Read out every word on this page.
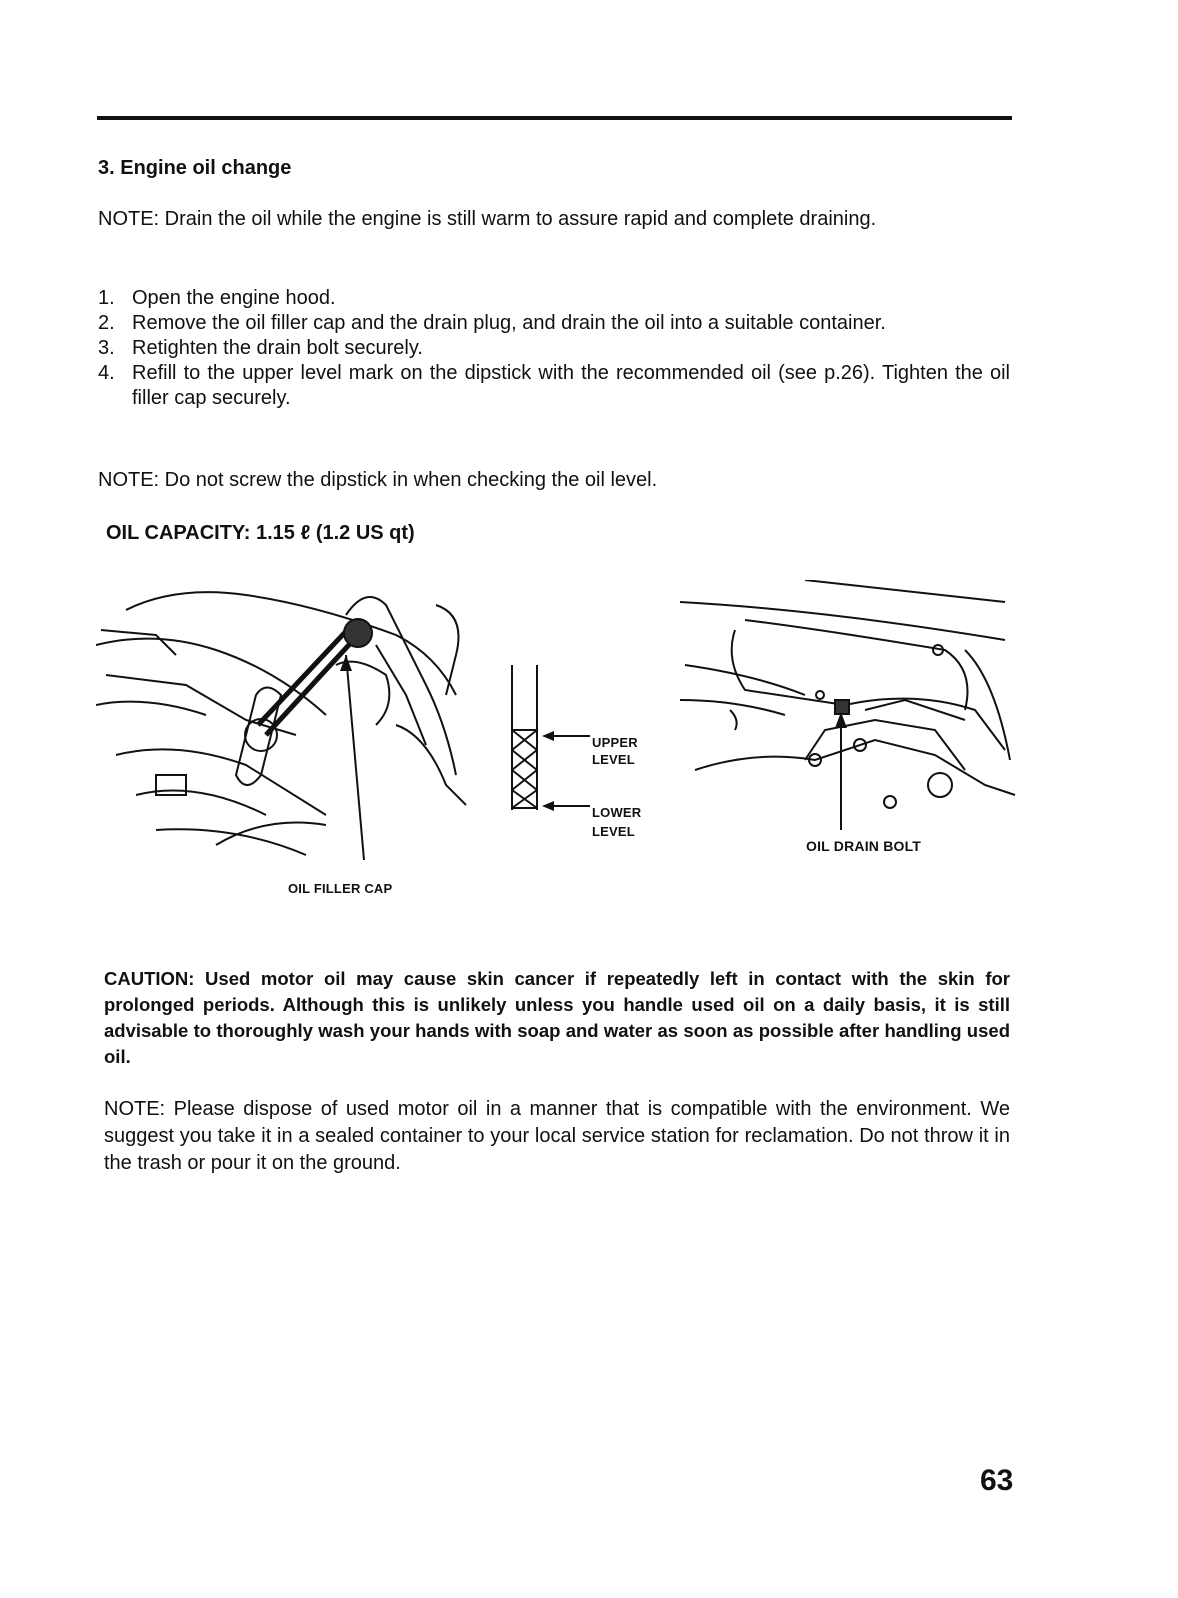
3. Engine oil change
NOTE: Drain the oil while the engine is still warm to assure rapid and complete draining.
1. Open the engine hood.
2. Remove the oil filler cap and the drain plug, and drain the oil into a suitable container.
3. Retighten the drain bolt securely.
4. Refill to the upper level mark on the dipstick with the recommended oil (see p.26). Tighten the oil filler cap securely.
NOTE: Do not screw the dipstick in when checking the oil level.
OIL CAPACITY: 1.15 ℓ (1.2 US qt)
OIL FILLER CAP
UPPER
LEVEL
LOWER
LEVEL
OIL DRAIN BOLT
CAUTION: Used motor oil may cause skin cancer if repeatedly left in contact with the skin for prolonged periods. Although this is unlikely unless you handle used oil on a daily basis, it is still advisable to thoroughly wash your hands with soap and water as soon as possible after handling used oil.
NOTE: Please dispose of used motor oil in a manner that is compatible with the environment. We suggest you take it in a sealed container to your local service station for reclamation. Do not throw it in the trash or pour it on the ground.
63
